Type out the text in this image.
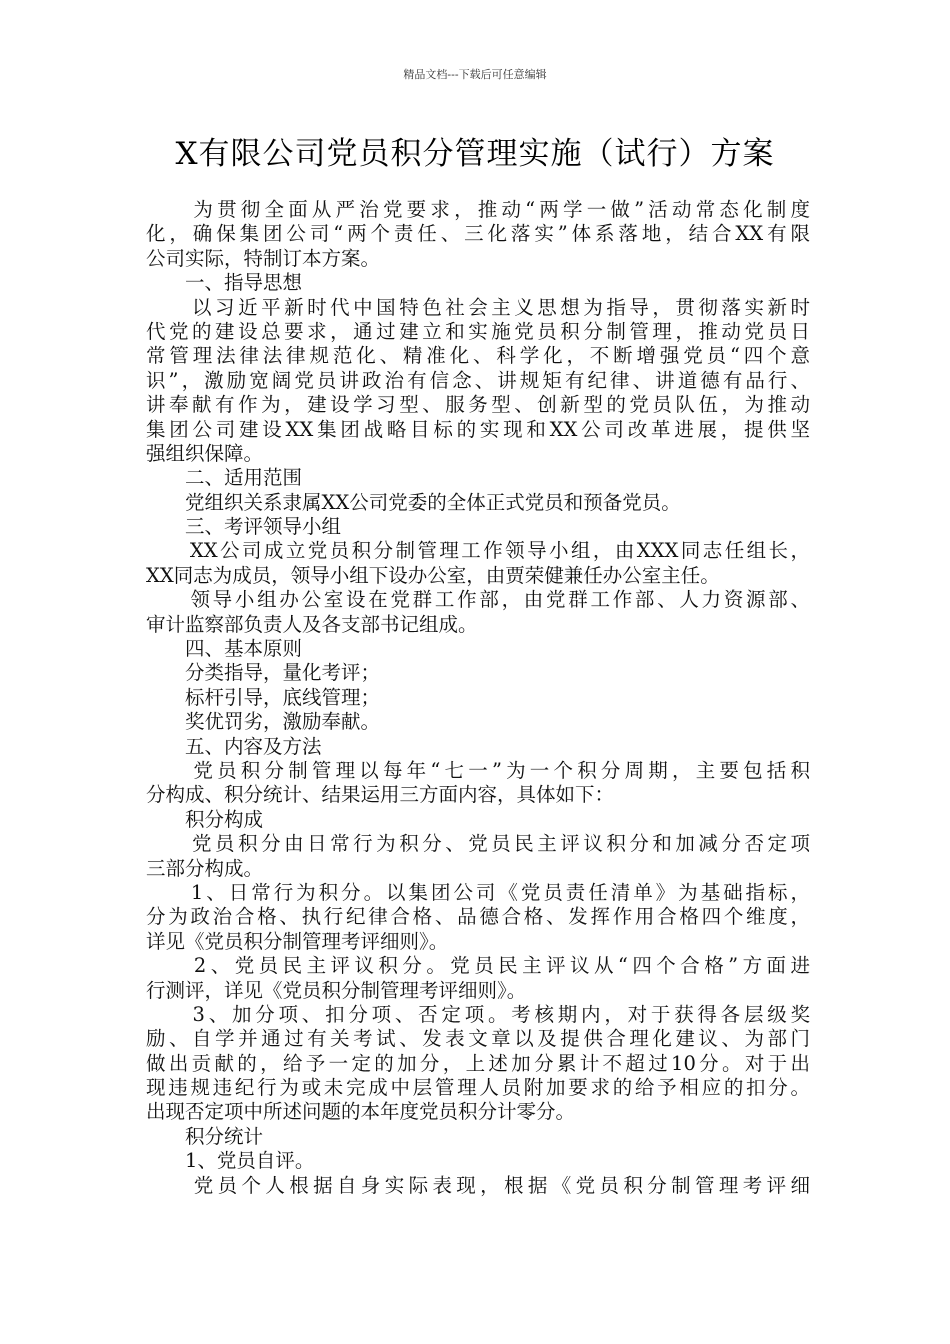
精品文档---下载后可任意编辑
X有限公司党员积分管理实施（试行）方案
　　为贯彻全面从严治党要求，推动“两学一做”活动常态化制度
化，确保集团公司“两个责任、三化落实”体系落地，结合XX有限
公司实际，特制订本方案。
　　一、指导思想
　　以习近平新时代中国特色社会主义思想为指导，贯彻落实新时
代党的建设总要求，通过建立和实施党员积分制管理，推动党员日
常管理法律法律规范化、精准化、科学化，不断增强党员“四个意
识”，激励宽阔党员讲政治有信念、讲规矩有纪律、讲道德有品行、
讲奉献有作为，建设学习型、服务型、创新型的党员队伍，为推动
集团公司建设XX集团战略目标的实现和XX公司改革进展，提供坚
强组织保障。
　　二、适用范围
　　党组织关系隶属XX公司党委的全体正式党员和预备党员。
　　三、考评领导小组
　　XX公司成立党员积分制管理工作领导小组，由XXX同志任组长，
XX同志为成员，领导小组下设办公室，由贾荣健兼任办公室主任。
　　领导小组办公室设在党群工作部，由党群工作部、人力资源部、
审计监察部负责人及各支部书记组成。
　　四、基本原则
　　分类指导，量化考评；
　　标杆引导，底线管理；
　　奖优罚劣，激励奉献。
　　五、内容及方法
　　党员积分制管理以每年“七一”为一个积分周期，主要包括积
分构成、积分统计、结果运用三方面内容，具体如下：
　　积分构成
　　党员积分由日常行为积分、党员民主评议积分和加减分否定项
三部分构成。
　　1、日常行为积分。以集团公司《党员责任清单》为基础指标，
分为政治合格、执行纪律合格、品德合格、发挥作用合格四个维度，
详见《党员积分制管理考评细则》。
　　2、党员民主评议积分。党员民主评议从“四个合格”方面进
行测评，详见《党员积分制管理考评细则》。
　　3、加分项、扣分项、否定项。考核期内，对于获得各层级奖
励、自学并通过有关考试、发表文章以及提供合理化建议、为部门
做出贡献的，给予一定的加分，上述加分累计不超过10分。对于出
现违规违纪行为或未完成中层管理人员附加要求的给予相应的扣分。
出现否定项中所述问题的本年度党员积分计零分。
　　积分统计
　　1、党员自评。
　　党员个人根据自身实际表现，根据《党员积分制管理考评细
